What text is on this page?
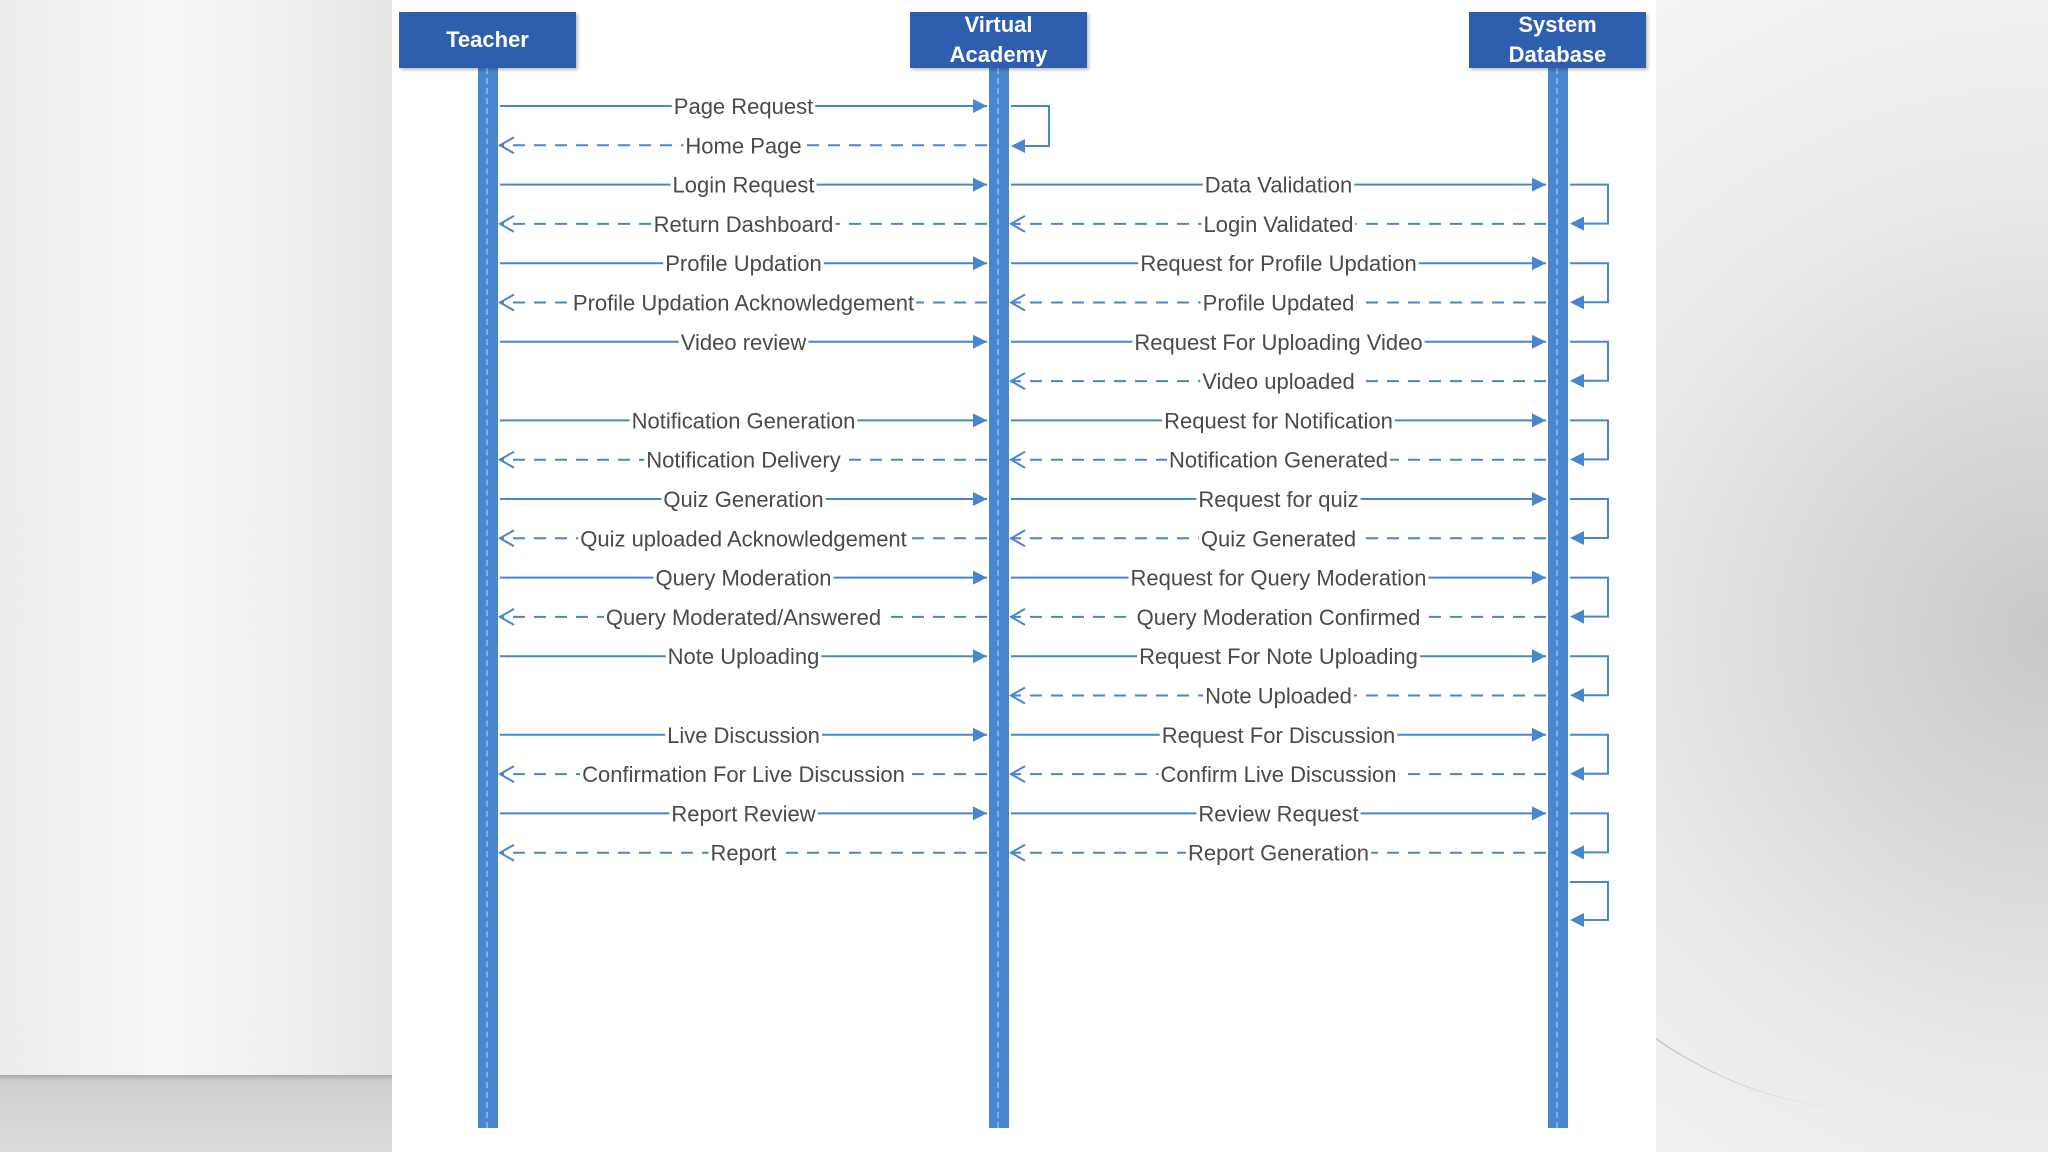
Teacher
Virtual
Academy
System
Database
Page Request
Home Page
Login Request	Data Validation
Return Dashboard	Login Validated
Profile Updation	Request for Profile Updation
Profile Updation Acknowledgement	Profile Updated
Video review	Request For Uploading Video
Video uploaded
Notification Generation	Request for Notification
Notification Delivery	Notification Generated
Quiz Generation	Request for quiz
Quiz uploaded Acknowledgement	Quiz Generated
Query Moderation	Request for Query Moderation
Query Moderated/Answered	Query Moderation Confirmed
Note Uploading	Request For Note Uploading
Note Uploaded
Live Discussion	Request For Discussion
Confirmation For Live Discussion	Confirm Live Discussion
Report Review	Review Request
Report	Report Generation
